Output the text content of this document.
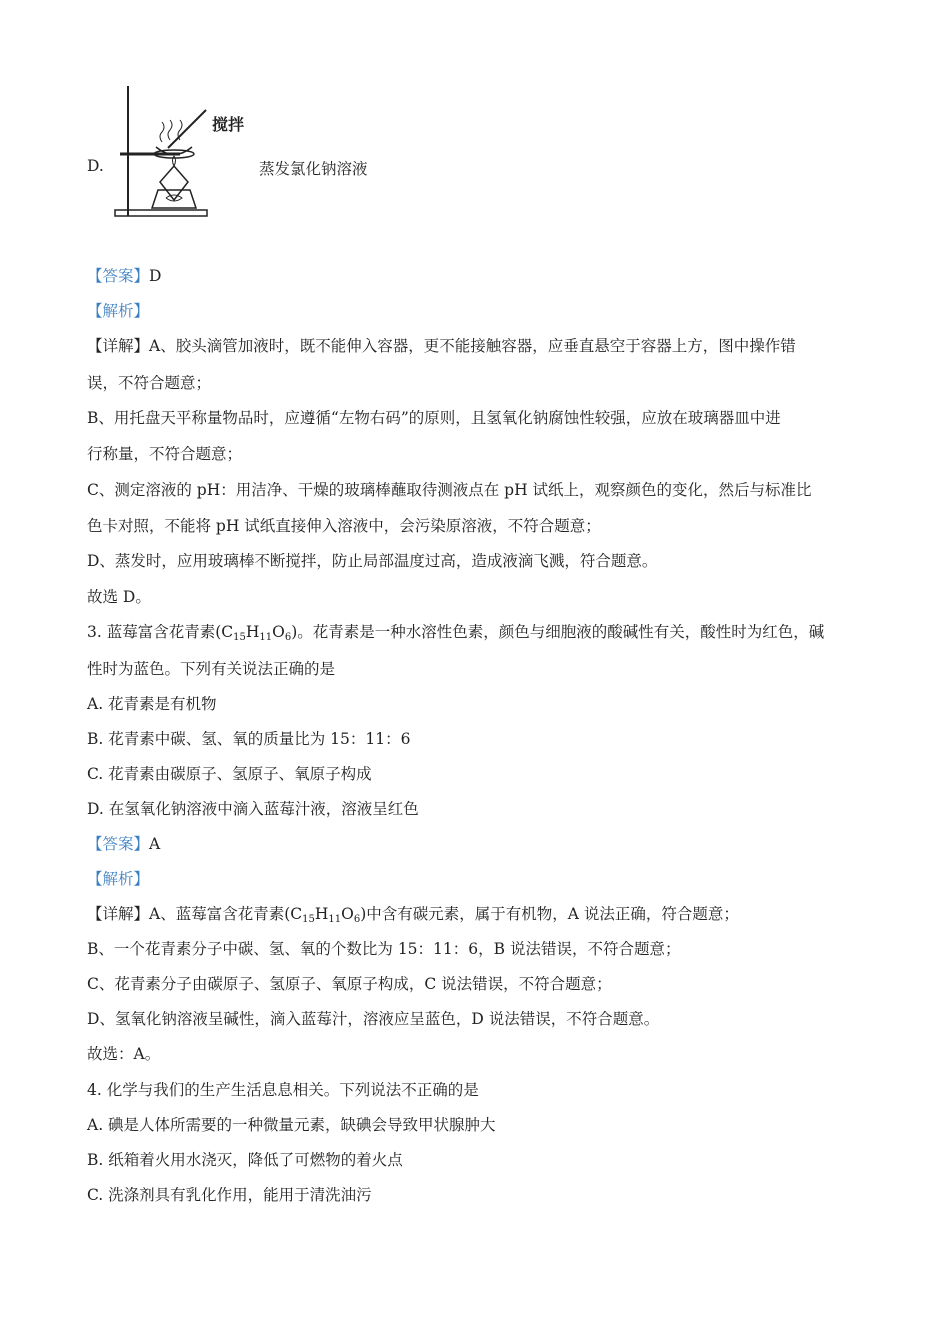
D.
搅拌
蒸发氯化钠溶液
【答案】D
【解析】
【详解】A、胶头滴管加液时，既不能伸入容器，更不能接触容器，应垂直悬空于容器上方，图中操作错
误，不符合题意；
B、用托盘天平称量物品时，应遵循“左物右码”的原则，且氢氧化钠腐蚀性较强，应放在玻璃器皿中进
行称量，不符合题意；
C、测定溶液的 pH：用洁净、干燥的玻璃棒蘸取待测液点在 pH 试纸上，观察颜色的变化，然后与标准比
色卡对照，不能将 pH 试纸直接伸入溶液中，会污染原溶液，不符合题意；
D、蒸发时，应用玻璃棒不断搅拌，防止局部温度过高，造成液滴飞溅，符合题意。
故选 D。
3. 蓝莓富含花青素$(C_{15}H_{11}O_6)$。花青素是一种水溶性色素，颜色与细胞液的酸碱性有关，酸性时为红色，碱
性时为蓝色。下列有关说法正确的是
A. 花青素是有机物
B. 花青素中碳、氢、氧的质量比为 15：11：6
C. 花青素由碳原子、氢原子、氧原子构成
D. 在氢氧化钠溶液中滴入蓝莓汁液，溶液呈红色
【答案】A
【解析】
【详解】A、蓝莓富含花青素$(C_{15}H_{11}O_6)$中含有碳元素，属于有机物，A 说法正确，符合题意；
B、一个花青素分子中碳、氢、氧的个数比为 15：11：6，B 说法错误，不符合题意；
C、花青素分子由碳原子、氢原子、氧原子构成，C 说法错误，不符合题意；
D、氢氧化钠溶液呈碱性，滴入蓝莓汁，溶液应呈蓝色，D 说法错误，不符合题意。
故选：A。
4. 化学与我们的生产生活息息相关。下列说法不正确的是
A. 碘是人体所需要的一种微量元素，缺碘会导致甲状腺肿大
B. 纸箱着火用水浇灭，降低了可燃物的着火点
C. 洗涤剂具有乳化作用，能用于清洗油污
